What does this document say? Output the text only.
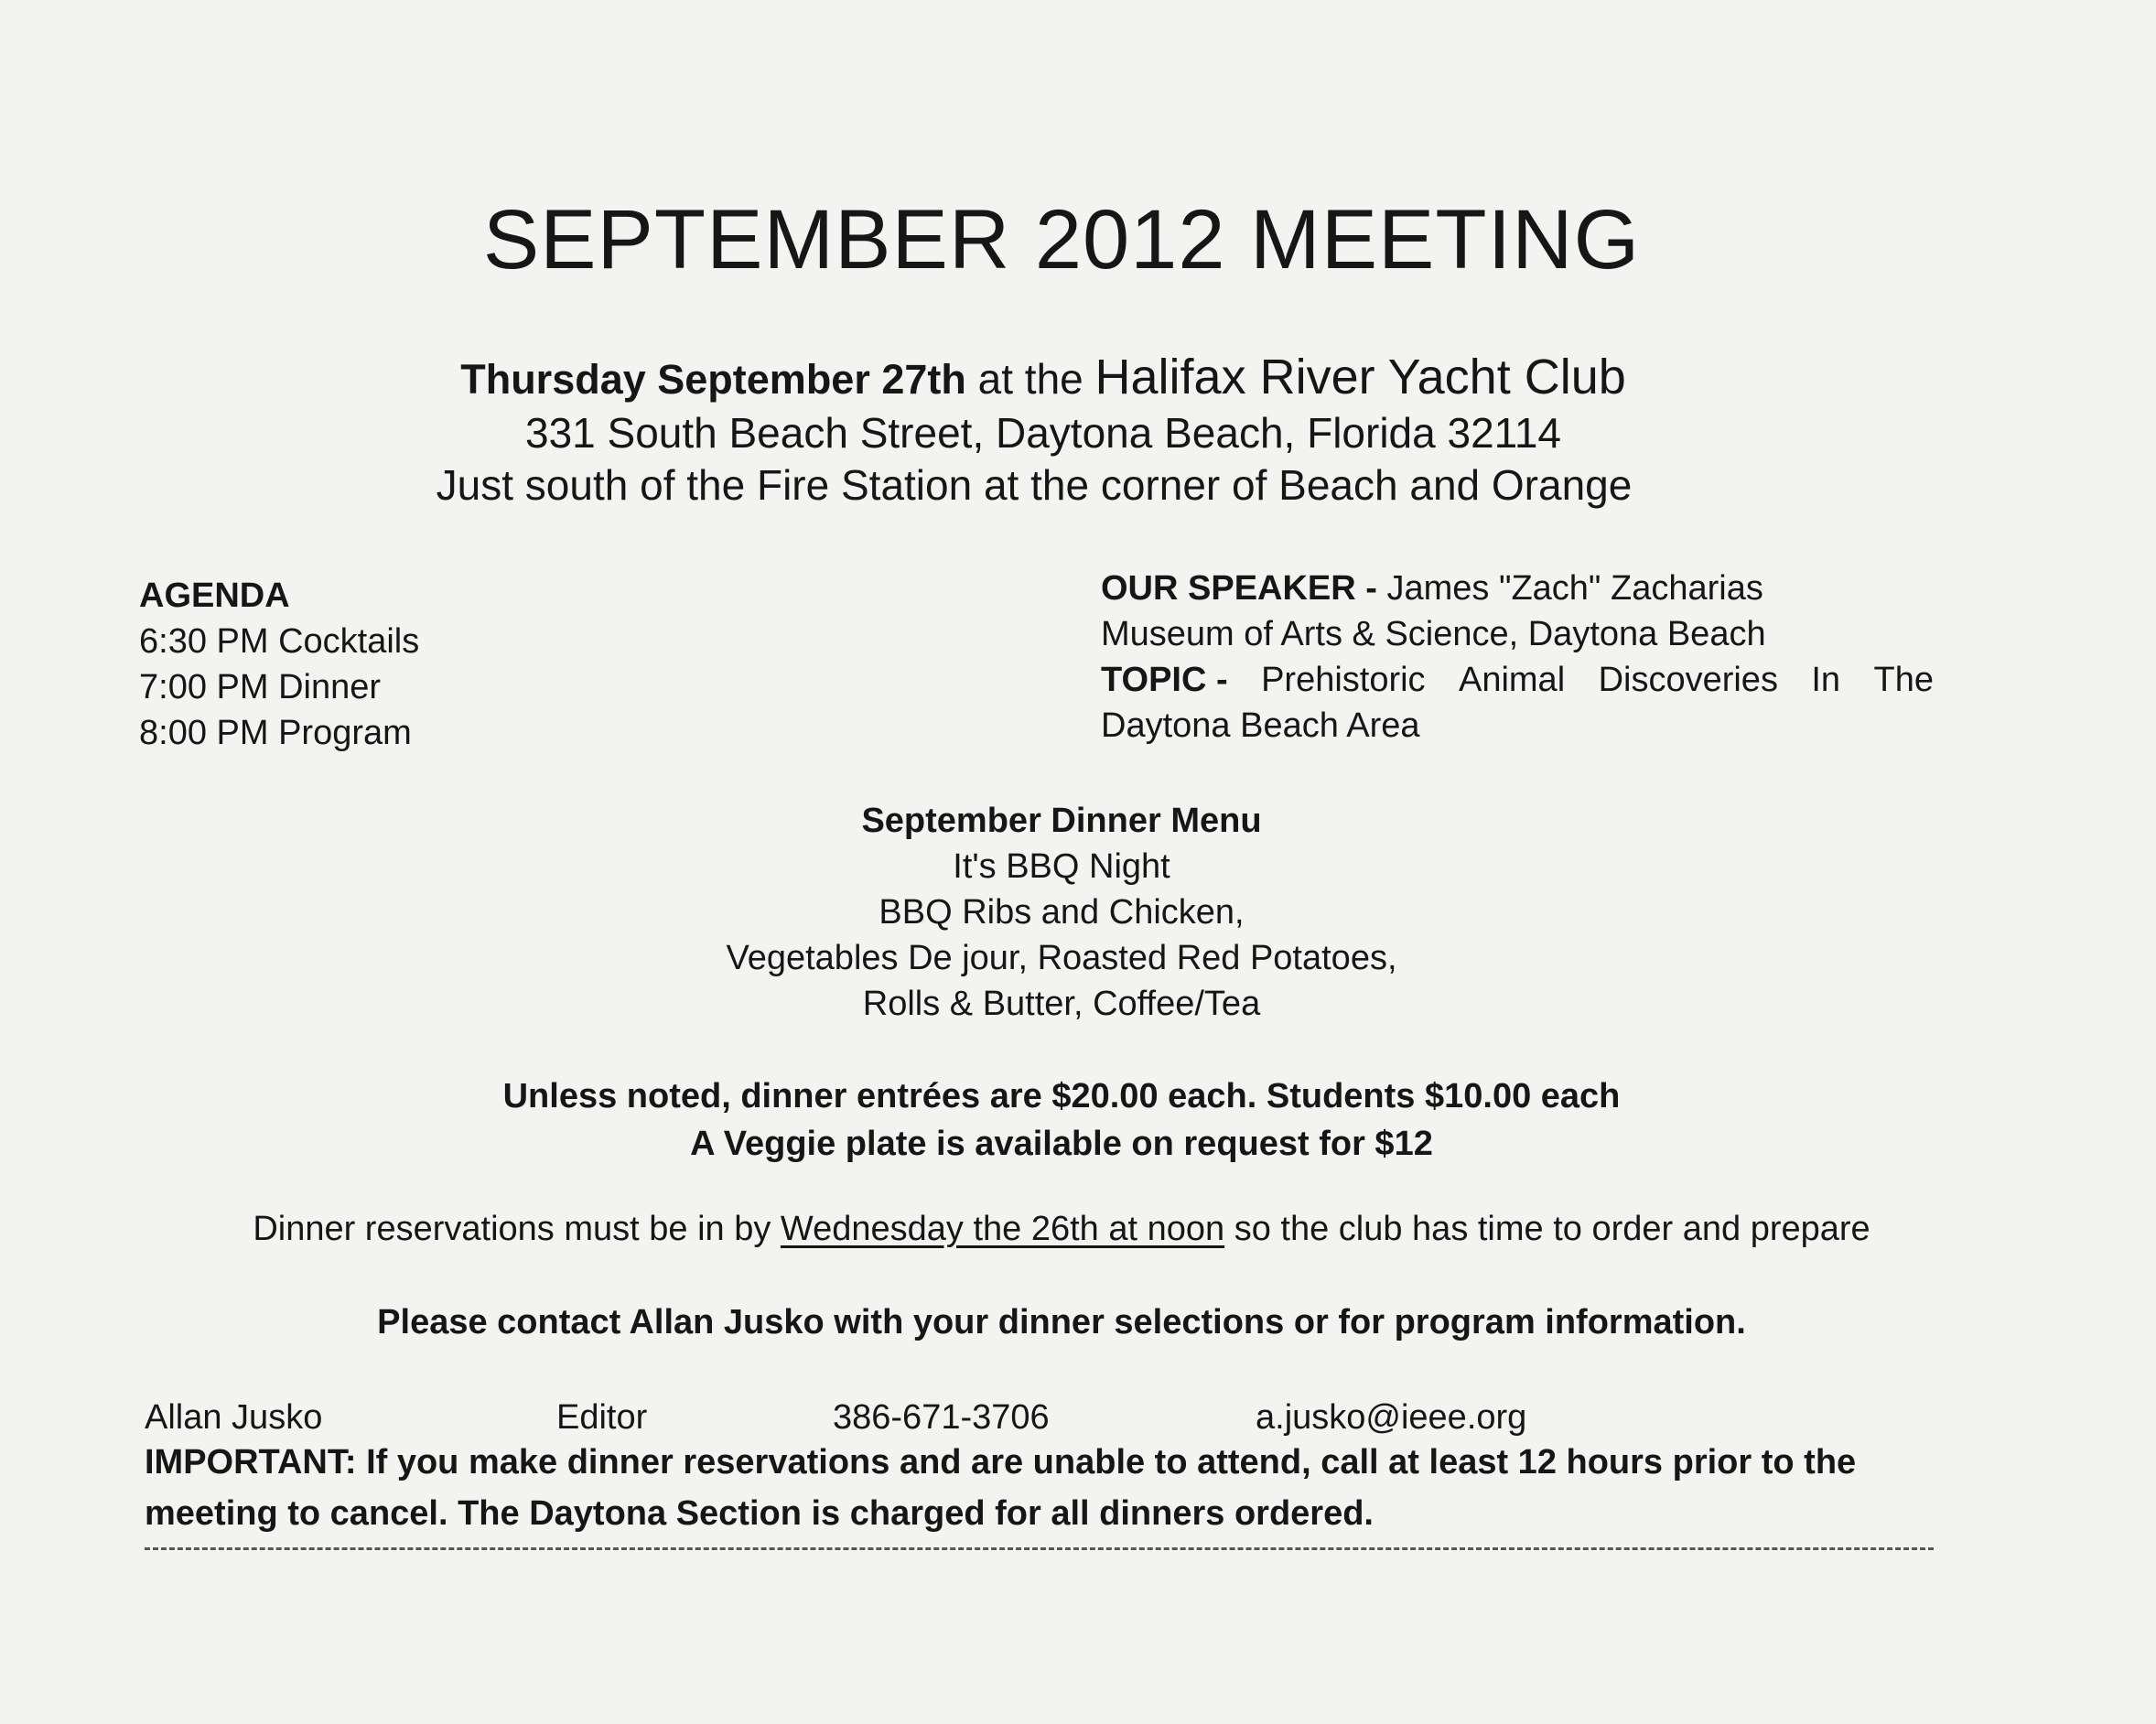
SEPTEMBER 2012 MEETING
Thursday September 27th at the Halifax River Yacht Club
331 South Beach Street, Daytona Beach, Florida 32114
Just south of the Fire Station at the corner of Beach and Orange
AGENDA
6:30 PM Cocktails
7:00 PM Dinner
8:00 PM Program
OUR SPEAKER - James "Zach" Zacharias
Museum of Arts & Science, Daytona Beach
TOPIC - Prehistoric Animal Discoveries In The
Daytona Beach Area
September Dinner Menu
It's BBQ Night
BBQ Ribs and Chicken,
Vegetables De jour, Roasted Red Potatoes,
Rolls & Butter, Coffee/Tea
Unless noted, dinner entrées are $20.00 each. Students $10.00 each
A Veggie plate is available on request for $12
Dinner reservations must be in by Wednesday the 26th at noon so the club has time to order and prepare
Please contact Allan Jusko with your dinner selections or for program information.
Allan Jusko	Editor	386-671-3706	a.jusko@ieee.org
IMPORTANT: If you make dinner reservations and are unable to attend, call at least 12 hours prior to the meeting to cancel. The Daytona Section is charged for all dinners ordered.
